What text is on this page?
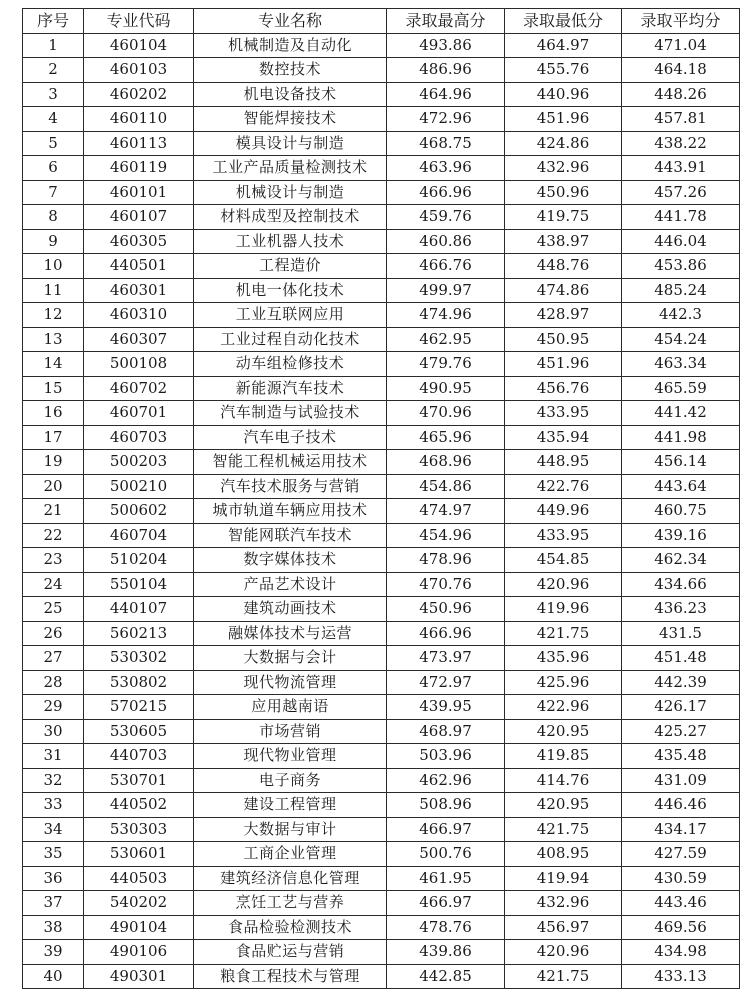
序号	专业代码	专业名称	录取最高分	录取最低分	录取平均分
1	460104	机械制造及自动化	493.86	464.97	471.04
2	460103	数控技术	486.96	455.76	464.18
3	460202	机电设备技术	464.96	440.96	448.26
4	460110	智能焊接技术	472.96	451.96	457.81
5	460113	模具设计与制造	468.75	424.86	438.22
6	460119	工业产品质量检测技术	463.96	432.96	443.91
7	460101	机械设计与制造	466.96	450.96	457.26
8	460107	材料成型及控制技术	459.76	419.75	441.78
9	460305	工业机器人技术	460.86	438.97	446.04
10	440501	工程造价	466.76	448.76	453.86
11	460301	机电一体化技术	499.97	474.86	485.24
12	460310	工业互联网应用	474.96	428.97	442.3
13	460307	工业过程自动化技术	462.95	450.95	454.24
14	500108	动车组检修技术	479.76	451.96	463.34
15	460702	新能源汽车技术	490.95	456.76	465.59
16	460701	汽车制造与试验技术	470.96	433.95	441.42
17	460703	汽车电子技术	465.96	435.94	441.98
19	500203	智能工程机械运用技术	468.96	448.95	456.14
20	500210	汽车技术服务与营销	454.86	422.76	443.64
21	500602	城市轨道车辆应用技术	474.97	449.96	460.75
22	460704	智能网联汽车技术	454.96	433.95	439.16
23	510204	数字媒体技术	478.96	454.85	462.34
24	550104	产品艺术设计	470.76	420.96	434.66
25	440107	建筑动画技术	450.96	419.96	436.23
26	560213	融媒体技术与运营	466.96	421.75	431.5
27	530302	大数据与会计	473.97	435.96	451.48
28	530802	现代物流管理	472.97	425.96	442.39
29	570215	应用越南语	439.95	422.96	426.17
30	530605	市场营销	468.97	420.95	425.27
31	440703	现代物业管理	503.96	419.85	435.48
32	530701	电子商务	462.96	414.76	431.09
33	440502	建设工程管理	508.96	420.95	446.46
34	530303	大数据与审计	466.97	421.75	434.17
35	530601	工商企业管理	500.76	408.95	427.59
36	440503	建筑经济信息化管理	461.95	419.94	430.59
37	540202	烹饪工艺与营养	466.97	432.96	443.46
38	490104	食品检验检测技术	478.76	456.97	469.56
39	490106	食品贮运与营销	439.86	420.96	434.98
40	490301	粮食工程技术与管理	442.85	421.75	433.13
